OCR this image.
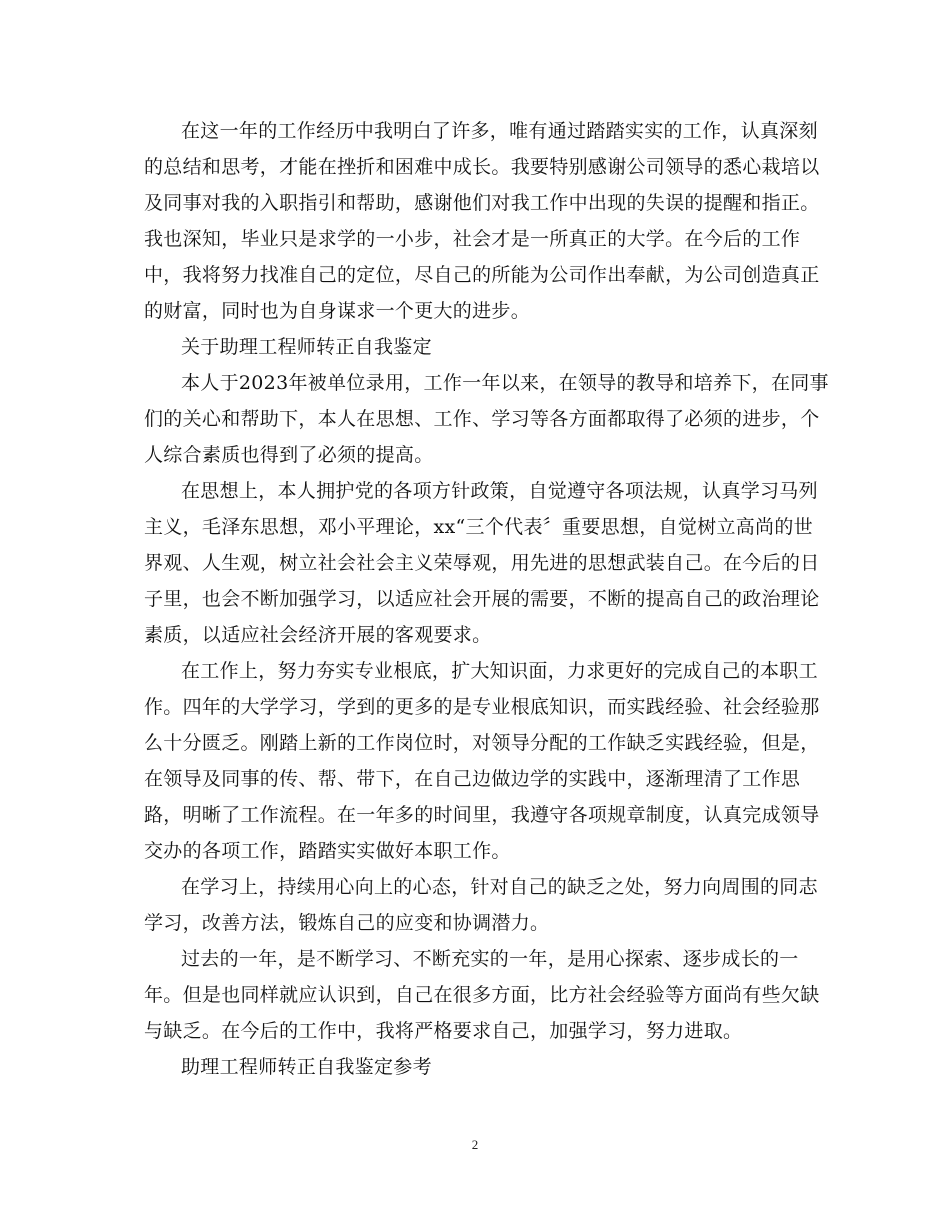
在这一年的工作经历中我明白了许多，唯有通过踏踏实实的工作，认真深刻
的总结和思考，才能在挫折和困难中成长。我要特别感谢公司领导的悉心栽培以
及同事对我的入职指引和帮助，感谢他们对我工作中出现的失误的提醒和指正。
我也深知，毕业只是求学的一小步，社会才是一所真正的大学。在今后的工作
中，我将努力找准自己的定位，尽自己的所能为公司作出奉献，为公司创造真正
的财富，同时也为自身谋求一个更大的进步。
关于助理工程师转正自我鉴定
本人于2023年被单位录用，工作一年以来，在领导的教导和培养下，在同事
们的关心和帮助下，本人在思想、工作、学习等各方面都取得了必须的进步，个
人综合素质也得到了必须的提高。
在思想上，本人拥护党的各项方针政策，自觉遵守各项法规，认真学习马列
主义，毛泽东思想，邓小平理论，xx“三个代表〞重要思想，自觉树立高尚的世
界观、人生观，树立社会社会主义荣辱观，用先进的思想武装自己。在今后的日
子里，也会不断加强学习，以适应社会开展的需要，不断的提高自己的政治理论
素质，以适应社会经济开展的客观要求。
在工作上，努力夯实专业根底，扩大知识面，力求更好的完成自己的本职工
作。四年的大学学习，学到的更多的是专业根底知识，而实践经验、社会经验那
么十分匮乏。刚踏上新的工作岗位时，对领导分配的工作缺乏实践经验，但是，
在领导及同事的传、帮、带下，在自己边做边学的实践中，逐渐理清了工作思
路，明晰了工作流程。在一年多的时间里，我遵守各项规章制度，认真完成领导
交办的各项工作，踏踏实实做好本职工作。
在学习上，持续用心向上的心态，针对自己的缺乏之处，努力向周围的同志
学习，改善方法，锻炼自己的应变和协调潜力。
过去的一年，是不断学习、不断充实的一年，是用心探索、逐步成长的一
年。但是也同样就应认识到，自己在很多方面，比方社会经验等方面尚有些欠缺
与缺乏。在今后的工作中，我将严格要求自己，加强学习，努力进取。
助理工程师转正自我鉴定参考
2
